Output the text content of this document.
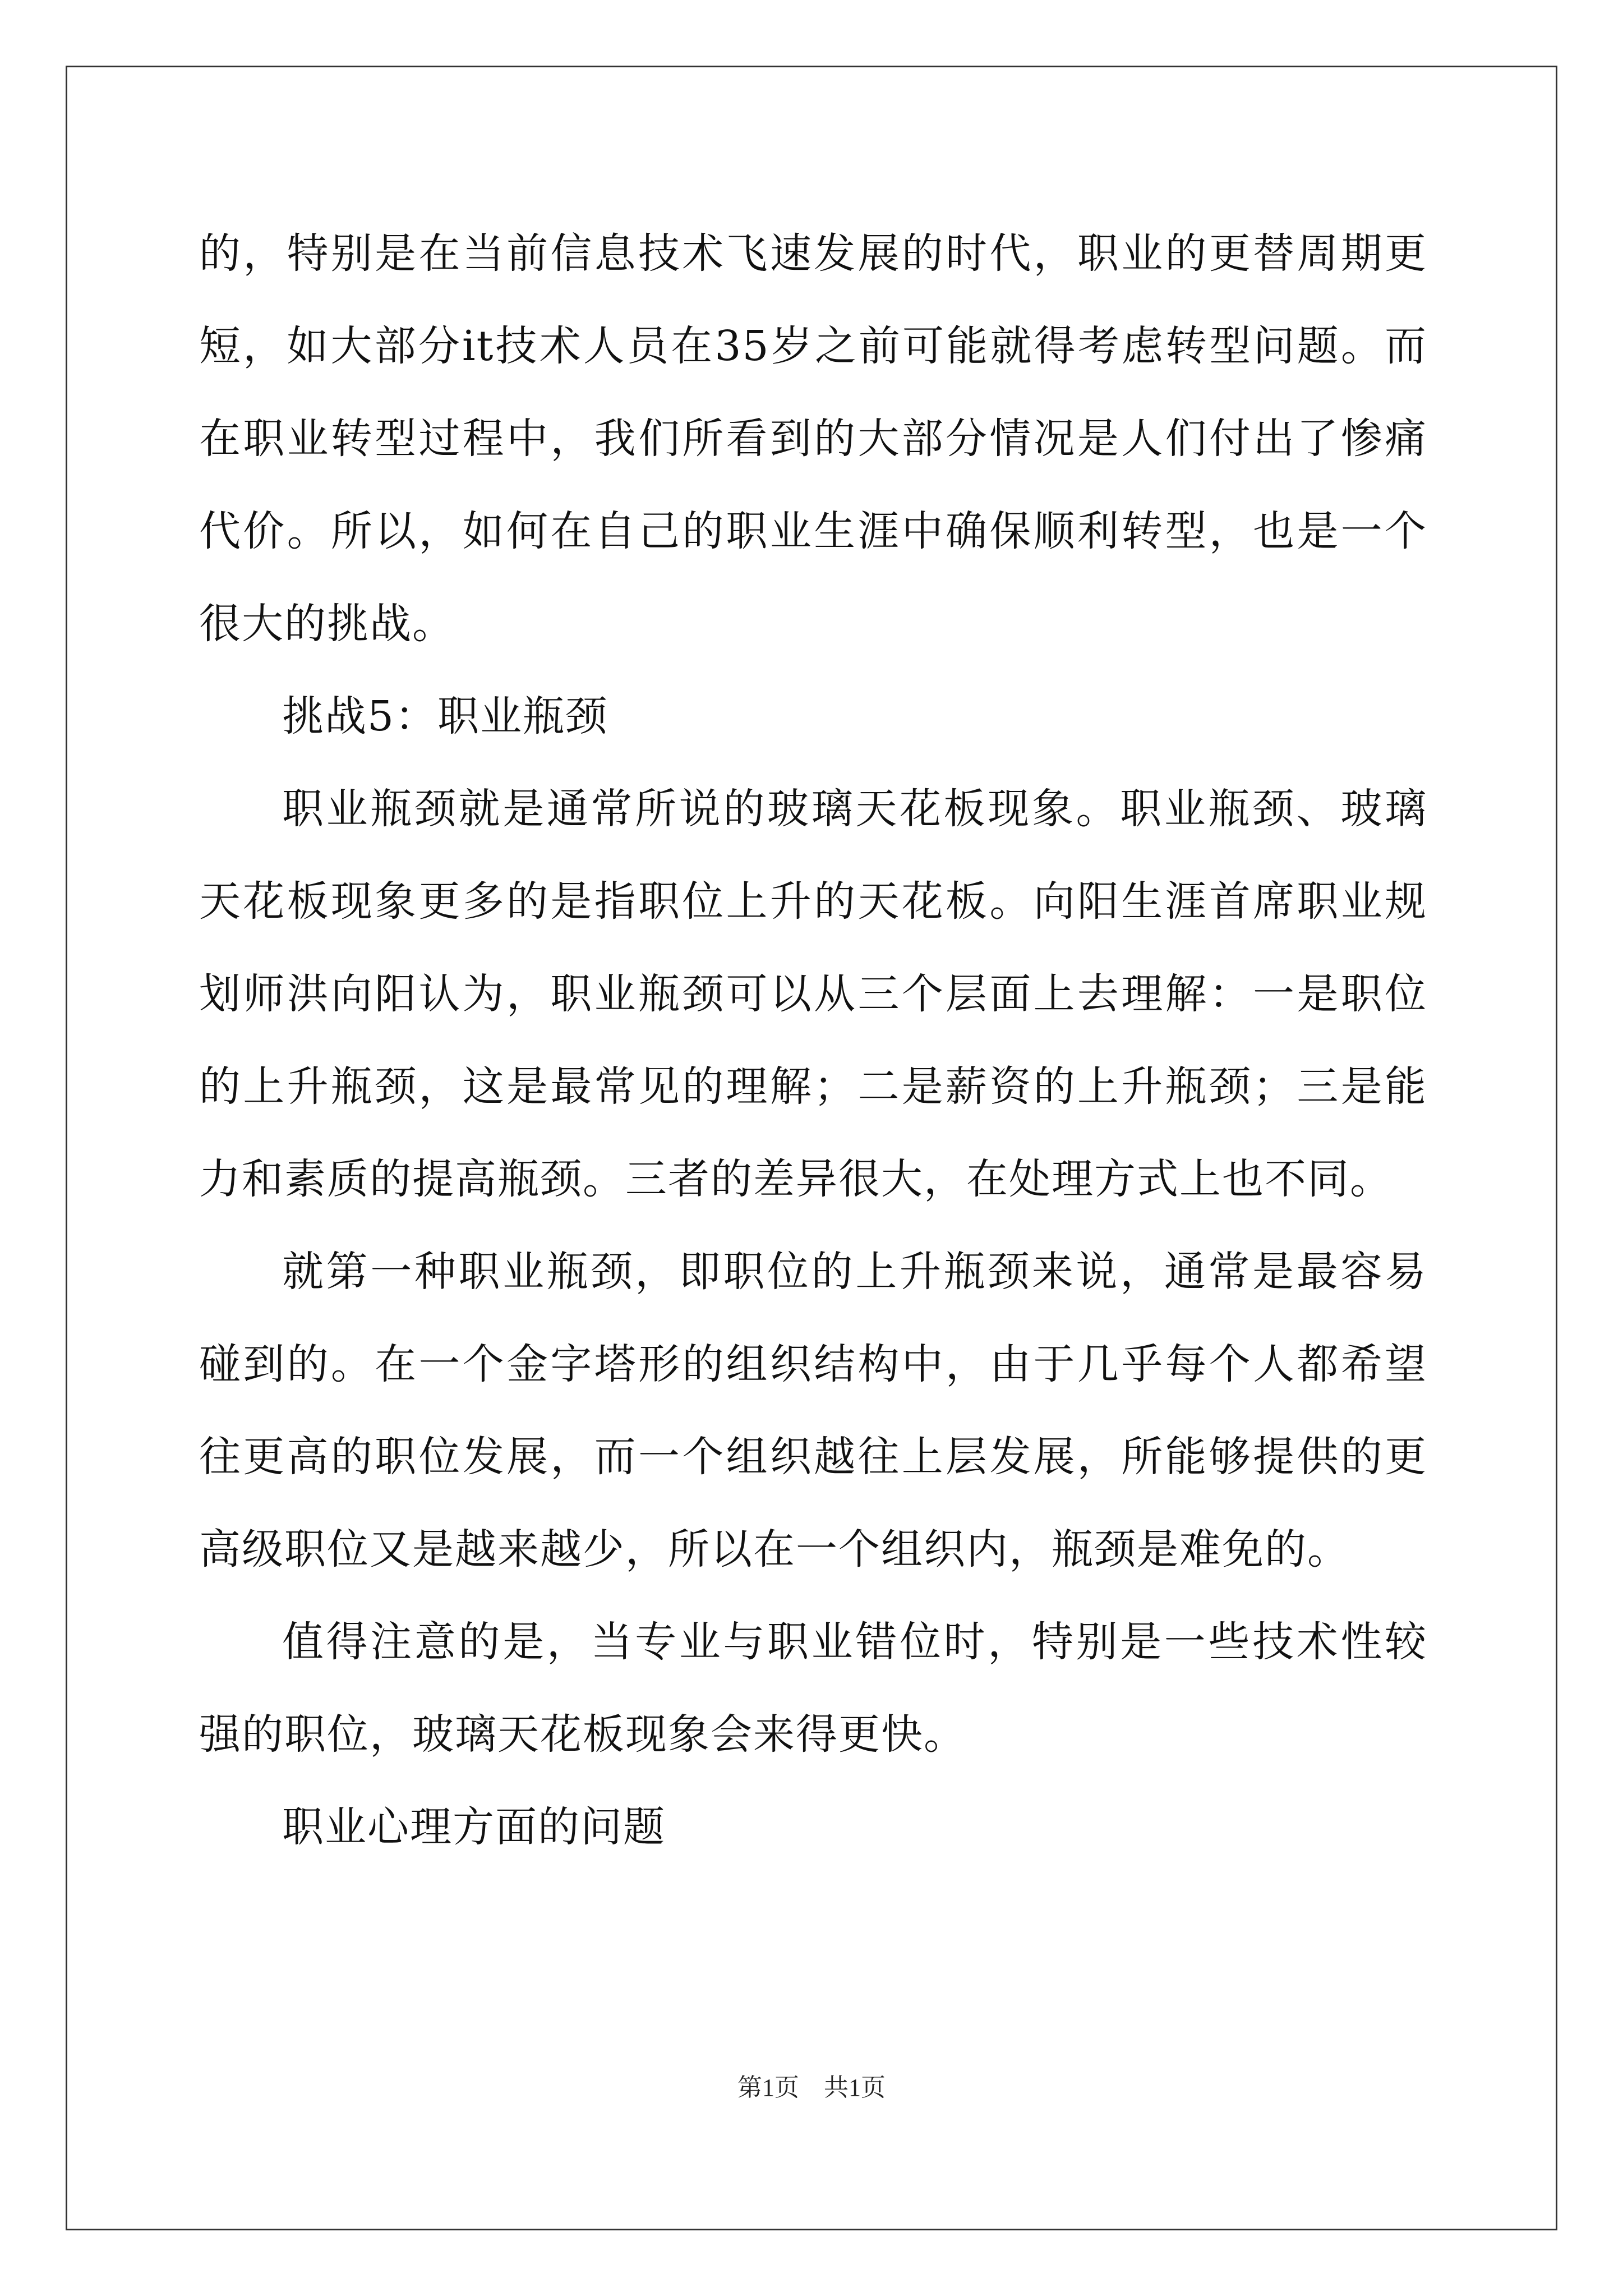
的，特别是在当前信息技术飞速发展的时代，职业的更替周期更短，如大部分it技术人员在35岁之前可能就得考虑转型问题。而在职业转型过程中，我们所看到的大部分情况是人们付出了惨痛代价。所以，如何在自己的职业生涯中确保顺利转型，也是一个很大的挑战。

挑战5：职业瓶颈

职业瓶颈就是通常所说的玻璃天花板现象。职业瓶颈、玻璃天花板现象更多的是指职位上升的天花板。向阳生涯首席职业规划师洪向阳认为，职业瓶颈可以从三个层面上去理解：一是职位的上升瓶颈，这是最常见的理解；二是薪资的上升瓶颈；三是能力和素质的提高瓶颈。三者的差异很大，在处理方式上也不同。

就第一种职业瓶颈，即职位的上升瓶颈来说，通常是最容易碰到的。在一个金字塔形的组织结构中，由于几乎每个人都希望往更高的职位发展，而一个组织越往上层发展，所能够提供的更高级职位又是越来越少，所以在一个组织内，瓶颈是难免的。

值得注意的是，当专业与职业错位时，特别是一些技术性较强的职位，玻璃天花板现象会来得更快。

职业心理方面的问题

第1页　共1页
